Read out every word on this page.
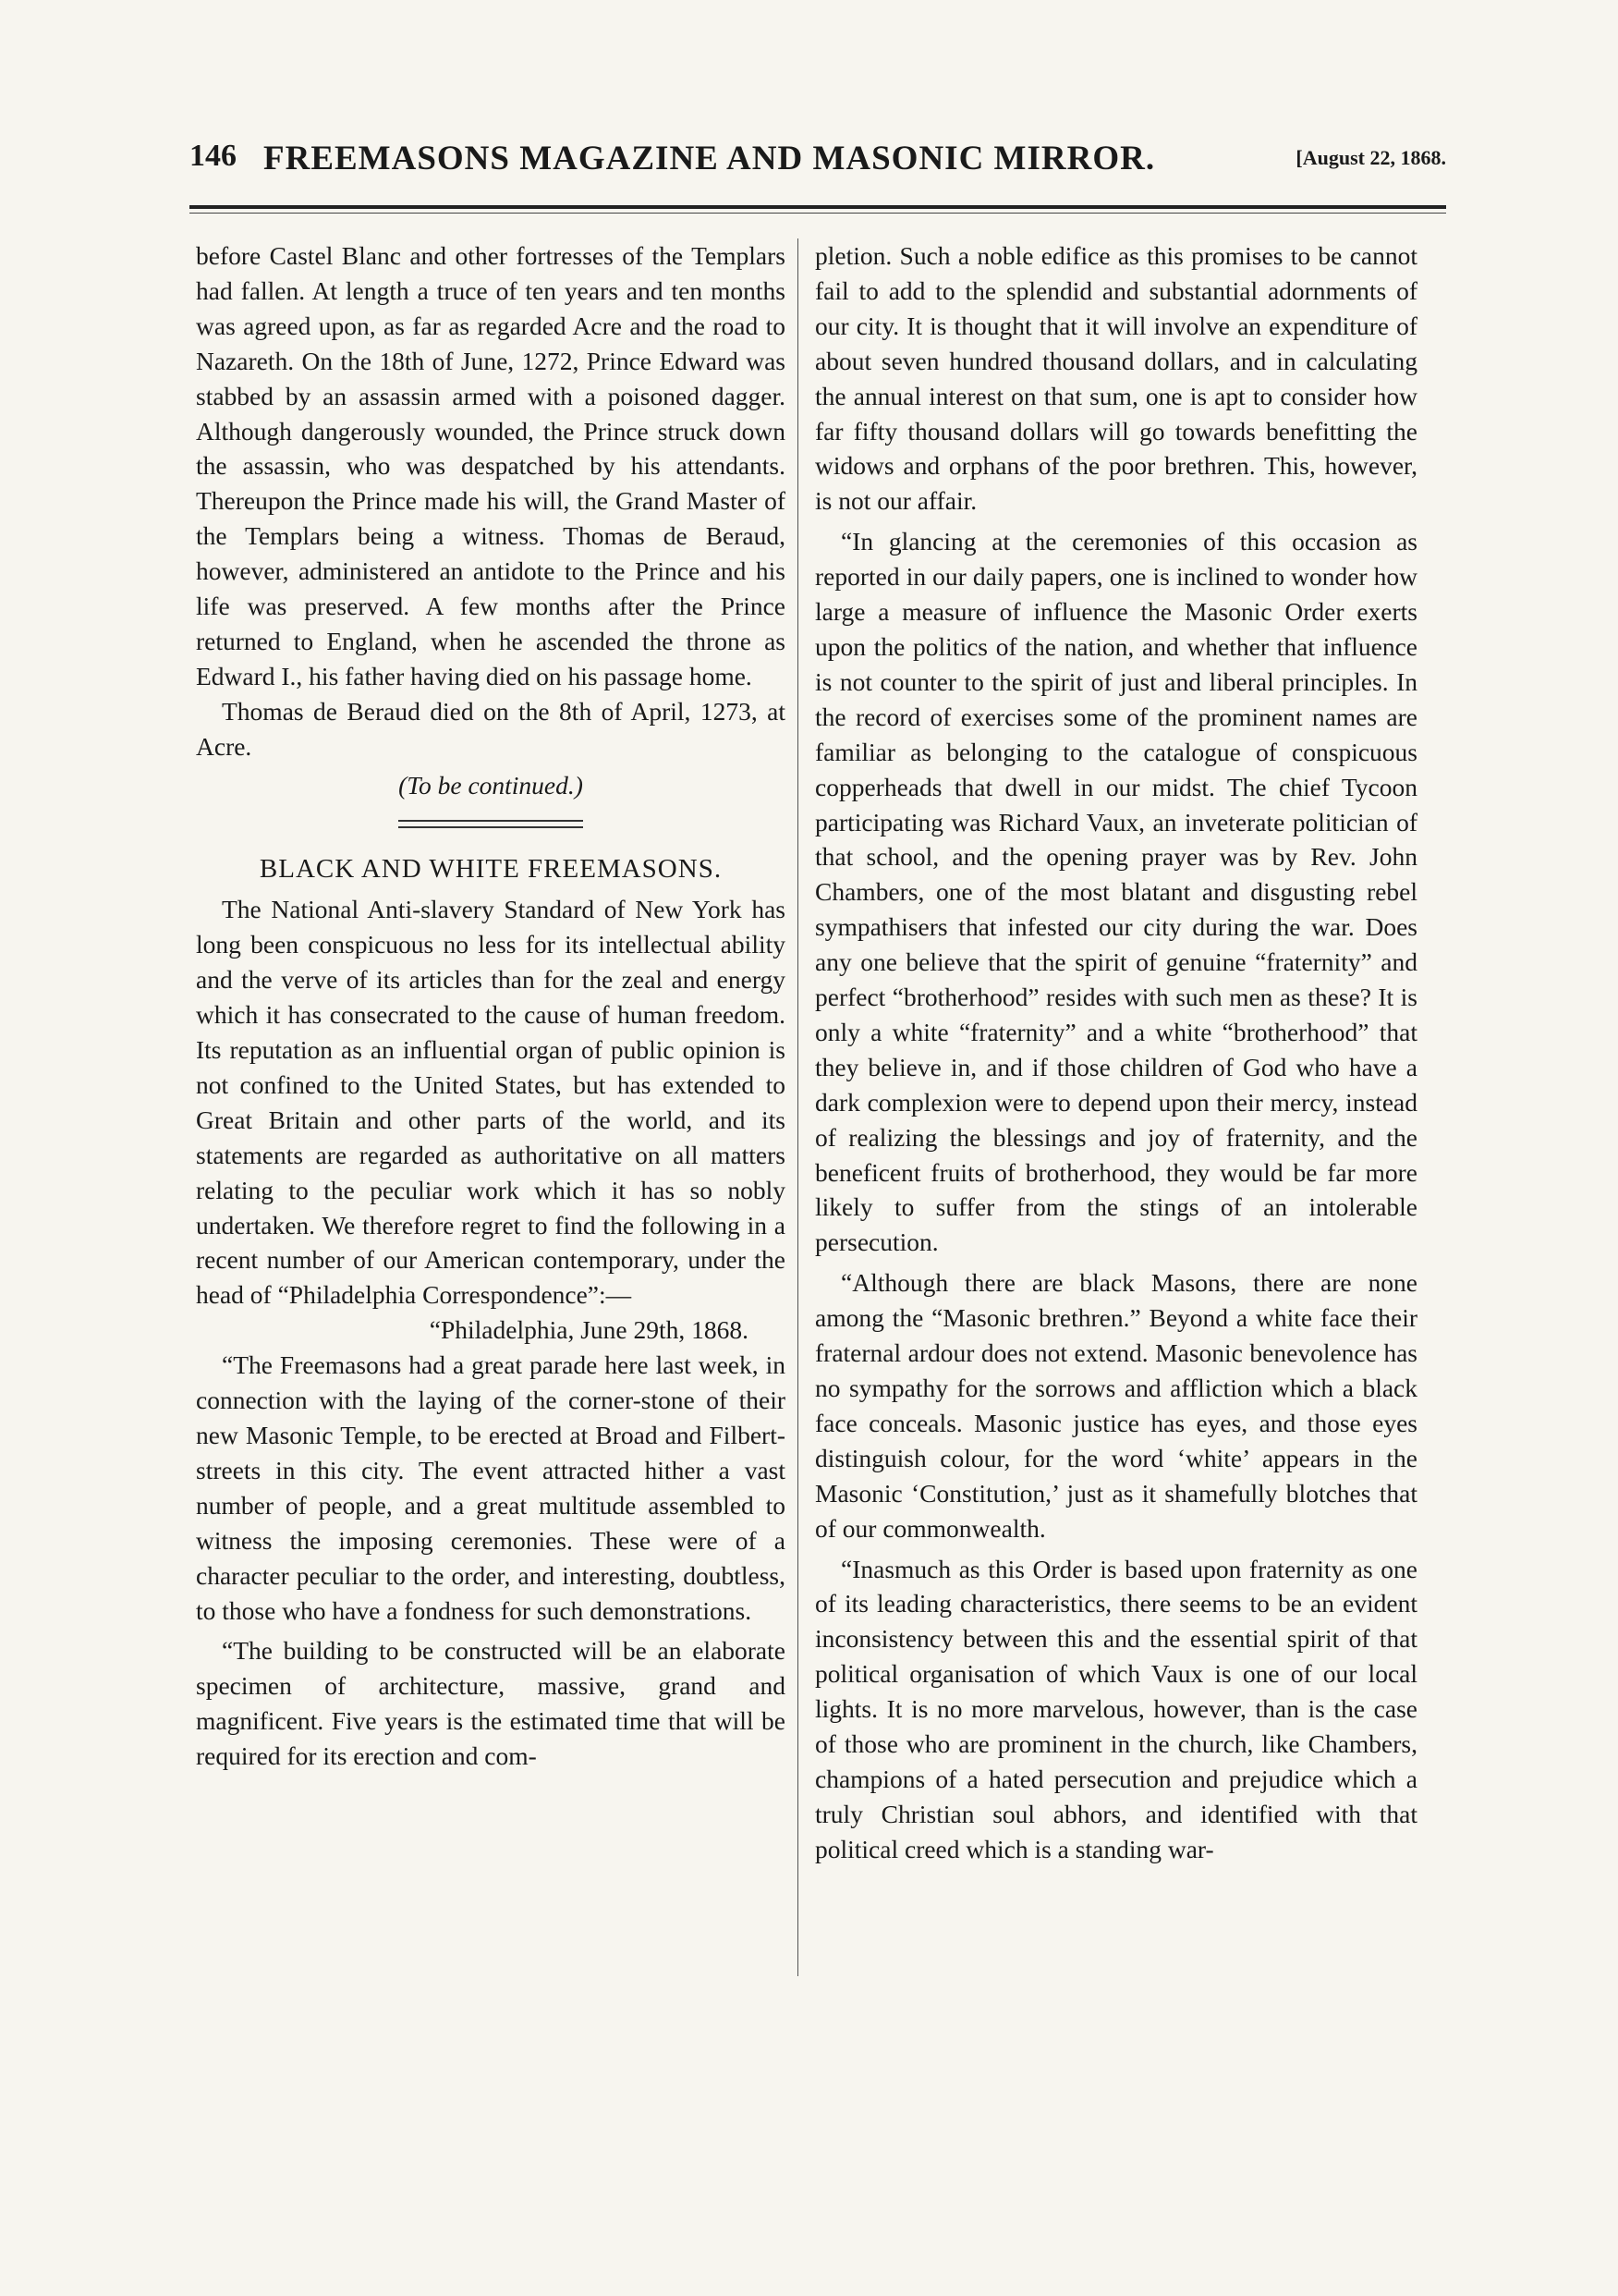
146 FREEMASONS MAGAZINE AND MASONIC MIRROR.	[August 22, 1868.

before Castel Blanc and other fortresses of the Templars had fallen. At length a truce of ten years and ten months was agreed upon, as far as regarded Acre and the road to Nazareth. On the 18th of June, 1272, Prince Edward was stabbed by an assassin armed with a poisoned dagger. Although dangerously wounded, the Prince struck down the assassin, who was despatched by his attendants. Thereupon the Prince made his will, the Grand Master of the Templars being a witness. Thomas de Beraud, however, administered an antidote to the Prince and his life was preserved. A few months after the Prince returned to England, when he ascended the throne as Edward I., his father having died on his passage home.

Thomas de Beraud died on the 8th of April, 1273, at Acre.

(To be continued.)

BLACK AND WHITE FREEMASONS.

The National Anti-slavery Standard of New York has long been conspicuous no less for its intellectual ability and the verve of its articles than for the zeal and energy which it has consecrated to the cause of human freedom. Its reputation as an influential organ of public opinion is not confined to the United States, but has extended to Great Britain and other parts of the world, and its statements are regarded as authoritative on all matters relating to the peculiar work which it has so nobly undertaken. We therefore regret to find the following in a recent number of our American contemporary, under the head of “Philadelphia Correspondence”:—

“Philadelphia, June 29th, 1868.

“The Freemasons had a great parade here last week, in connection with the laying of the corner-stone of their new Masonic Temple, to be erected at Broad and Filbert-streets in this city. The event attracted hither a vast number of people, and a great multitude assembled to witness the imposing ceremonies. These were of a character peculiar to the order, and interesting, doubtless, to those who have a fondness for such demonstrations.

“The building to be constructed will be an elaborate specimen of architecture, massive, grand and magnificent. Five years is the estimated time that will be required for its erection and com-

pletion. Such a noble edifice as this promises to be cannot fail to add to the splendid and substantial adornments of our city. It is thought that it will involve an expenditure of about seven hundred thousand dollars, and in calculating the annual interest on that sum, one is apt to consider how far fifty thousand dollars will go towards benefitting the widows and orphans of the poor brethren. This, however, is not our affair.

“In glancing at the ceremonies of this occasion as reported in our daily papers, one is inclined to wonder how large a measure of influence the Masonic Order exerts upon the politics of the nation, and whether that influence is not counter to the spirit of just and liberal principles. In the record of exercises some of the prominent names are familiar as belonging to the catalogue of conspicuous copperheads that dwell in our midst. The chief Tycoon participating was Richard Vaux, an inveterate politician of that school, and the opening prayer was by Rev. John Chambers, one of the most blatant and disgusting rebel sympathisers that infested our city during the war. Does any one believe that the spirit of genuine “fraternity” and perfect “brotherhood” resides with such men as these? It is only a white “fraternity” and a white “brotherhood” that they believe in, and if those children of God who have a dark complexion were to depend upon their mercy, instead of realizing the blessings and joy of fraternity, and the beneficent fruits of brotherhood, they would be far more likely to suffer from the stings of an intolerable persecution.

“Although there are black Masons, there are none among the “Masonic brethren.” Beyond a white face their fraternal ardour does not extend. Masonic benevolence has no sympathy for the sorrows and affliction which a black face conceals. Masonic justice has eyes, and those eyes distinguish colour, for the word ‘white’ appears in the Masonic ‘Constitution,’ just as it shamefully blotches that of our commonwealth.

“Inasmuch as this Order is based upon fraternity as one of its leading characteristics, there seems to be an evident inconsistency between this and the essential spirit of that political organisation of which Vaux is one of our local lights. It is no more marvelous, however, than is the case of those who are prominent in the church, like Chambers, champions of a hated persecution and prejudice which a truly Christian soul abhors, and identified with that political creed which is a standing war-
